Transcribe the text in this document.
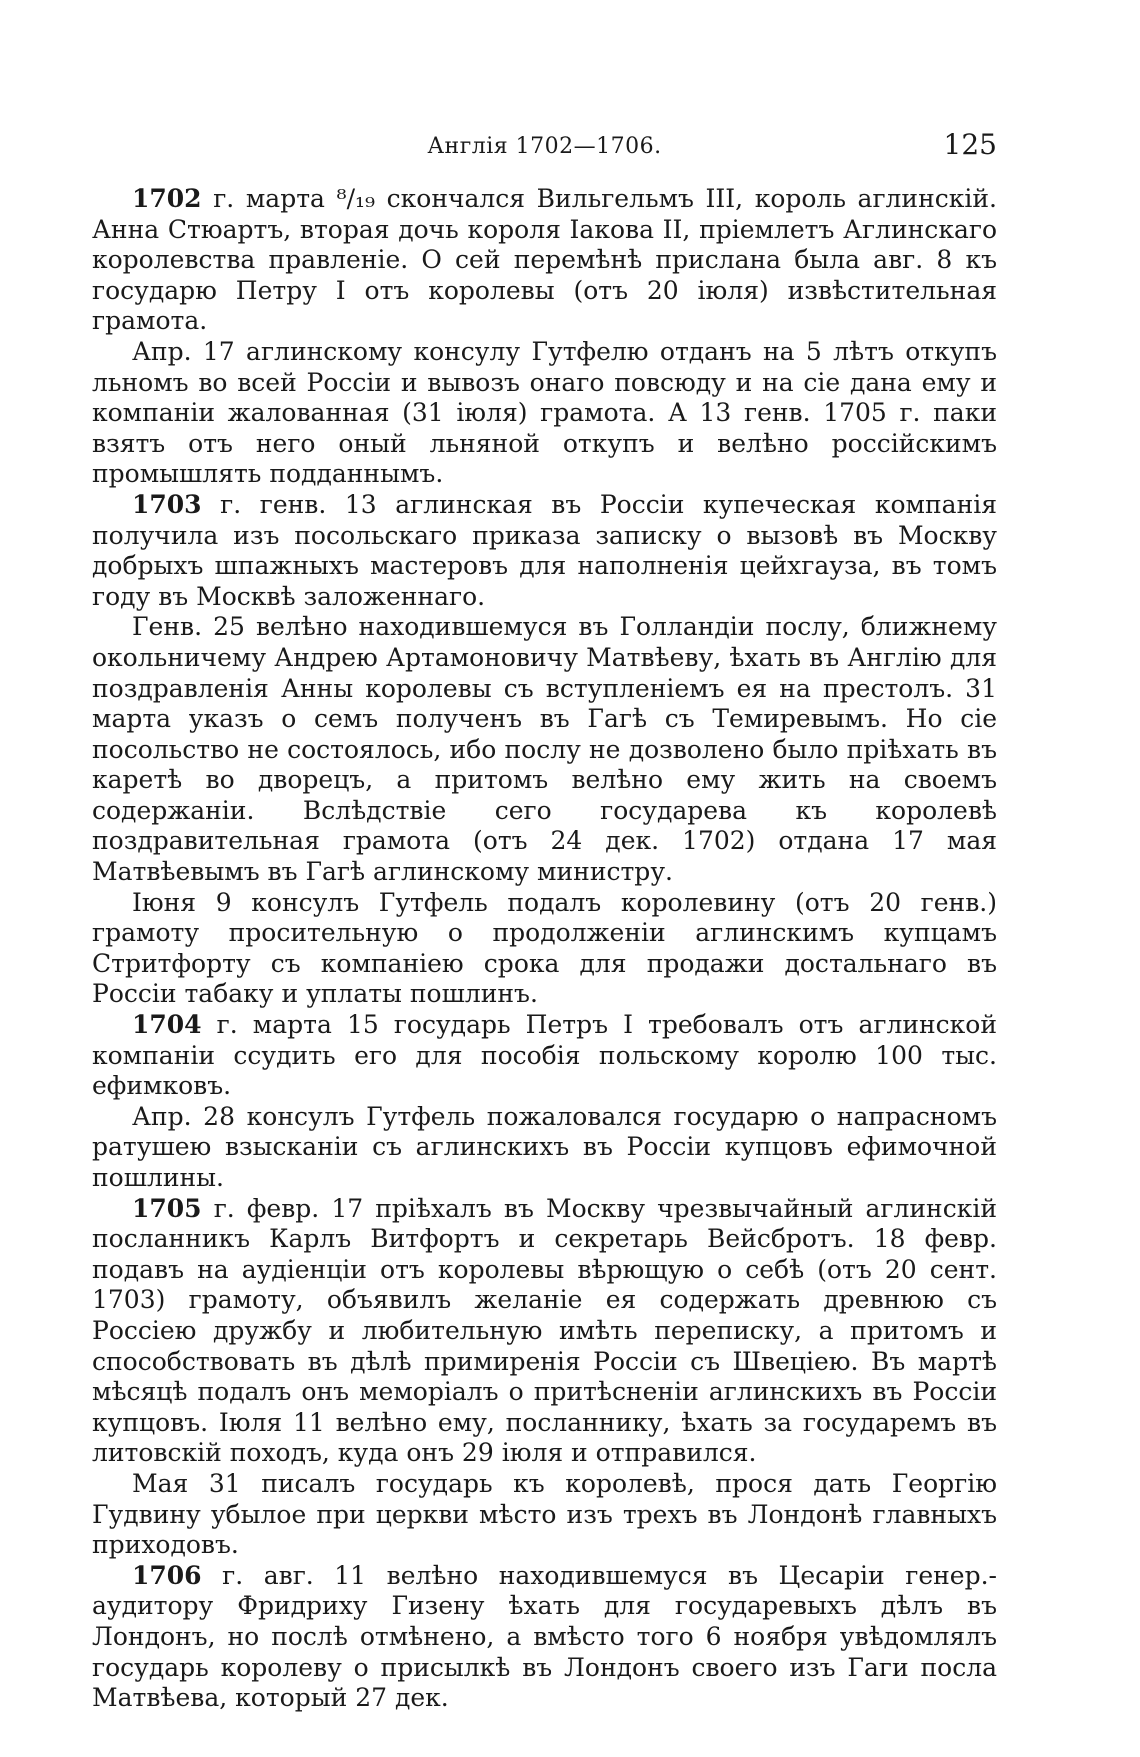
Англія 1702—1706.	125

1702 г. марта ⁸/₁₉ скончался Вильгельмъ III, король аглинскій. Анна Стюартъ, вторая дочь короля Іакова II, пріемлетъ Аглинскаго королевства правленіе. О сей перемѣнѣ прислана была авг. 8 къ государю Петру I отъ королевы (отъ 20 іюля) извѣстительная грамота.

Апр. 17 аглинскому консулу Гутфелю отданъ на 5 лѣтъ откупъ льномъ во всей Россіи и вывозъ онаго повсюду и на сіе дана ему и компаніи жалованная (31 іюля) грамота. А 13 генв. 1705 г. паки взятъ отъ него оный льняной откупъ и велѣно россійскимъ промышлять подданнымъ.

1703 г. генв. 13 аглинская въ Россіи купеческая компанія получила изъ посольскаго приказа записку о вызовѣ въ Москву добрыхъ шпажныхъ мастеровъ для наполненія цейхгауза, въ томъ году въ Москвѣ заложеннаго.

Генв. 25 велѣно находившемуся въ Голландіи послу, ближнему окольничему Андрею Артамоновичу Матвѣеву, ѣхать въ Англію для поздравленія Анны королевы съ вступленіемъ ея на престолъ. 31 марта указъ о семъ полученъ въ Гагѣ съ Темиревымъ. Но сіе посольство не состоялось, ибо послу не дозволено было пріѣхать въ каретѣ во дворецъ, а притомъ велѣно ему жить на своемъ содержаніи. Вслѣдствіе сего государева къ королевѣ поздравительная грамота (отъ 24 дек. 1702) отдана 17 мая Матвѣевымъ въ Гагѣ аглинскому министру.

Іюня 9 консулъ Гутфель подалъ королевину (отъ 20 генв.) грамоту просительную о продолженіи аглинскимъ купцамъ Стритфорту съ компаніею срока для продажи достальнаго въ Россіи табаку и уплаты пошлинъ.

1704 г. марта 15 государь Петръ I требовалъ отъ аглинской компаніи ссудить его для пособія польскому королю 100 тыс. ефимковъ.

Апр. 28 консулъ Гутфель пожаловался государю о напрасномъ ратушею взысканіи съ аглинскихъ въ Россіи купцовъ ефимочной пошлины.

1705 г. февр. 17 пріѣхалъ въ Москву чрезвычайный аглинскій посланникъ Карлъ Витфортъ и секретарь Вейсбротъ. 18 февр. подавъ на аудіенціи отъ королевы вѣрющую о себѣ (отъ 20 сент. 1703) грамоту, объявилъ желаніе ея содержать древнюю съ Россіею дружбу и любительную имѣть переписку, а притомъ и способствовать въ дѣлѣ примиренія Россіи съ Швеціею. Въ мартѣ мѣсяцѣ подалъ онъ меморіалъ о притѣсненіи аглинскихъ въ Россіи купцовъ. Іюля 11 велѣно ему, посланнику, ѣхать за государемъ въ литовскій походъ, куда онъ 29 іюля и отправился.

Мая 31 писалъ государь къ королевѣ, прося дать Георгію Гудвину убылое при церкви мѣсто изъ трехъ въ Лондонѣ главныхъ приходовъ.

1706 г. авг. 11 велѣно находившемуся въ Цесаріи генер.-аудитору Фридриху Гизену ѣхать для государевыхъ дѣлъ въ Лондонъ, но послѣ отмѣнено, а вмѣсто того 6 ноября увѣдомлялъ государь королеву о присылкѣ въ Лондонъ своего изъ Гаги посла Матвѣева, который 27 дек.
